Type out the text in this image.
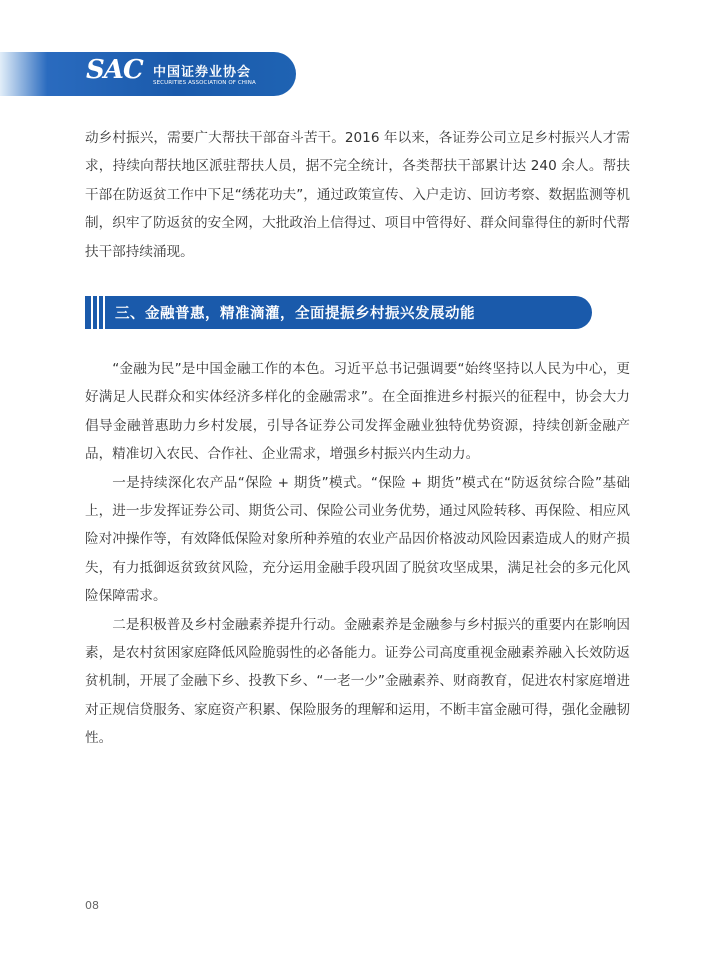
SAC 中国证券业协会
SECURITIES ASSOCIATION OF CHINA

动乡村振兴，需要广大帮扶干部奋斗苦干。2016 年以来，各证券公司立足乡村振兴人才需求，持续向帮扶地区派驻帮扶人员，据不完全统计，各类帮扶干部累计达 240 余人。帮扶干部在防返贫工作中下足“绣花功夫”，通过政策宣传、入户走访、回访考察、数据监测等机制，织牢了防返贫的安全网，大批政治上信得过、项目中管得好、群众间靠得住的新时代帮扶干部持续涌现。

三、金融普惠，精准滴灌，全面提振乡村振兴发展动能

“金融为民”是中国金融工作的本色。习近平总书记强调要“始终坚持以人民为中心，更好满足人民群众和实体经济多样化的金融需求”。在全面推进乡村振兴的征程中，协会大力倡导金融普惠助力乡村发展，引导各证券公司发挥金融业独特优势资源，持续创新金融产品，精准切入农民、合作社、企业需求，增强乡村振兴内生动力。

一是持续深化农产品“保险 + 期货”模式。“保险 + 期货”模式在“防返贫综合险”基础上，进一步发挥证券公司、期货公司、保险公司业务优势，通过风险转移、再保险、相应风险对冲操作等，有效降低保险对象所种养殖的农业产品因价格波动风险因素造成人的财产损失，有力抵御返贫致贫风险，充分运用金融手段巩固了脱贫攻坚成果，满足社会的多元化风险保障需求。

二是积极普及乡村金融素养提升行动。金融素养是金融参与乡村振兴的重要内在影响因素，是农村贫困家庭降低风险脆弱性的必备能力。证券公司高度重视金融素养融入长效防返贫机制，开展了金融下乡、投教下乡、“一老一少”金融素养、财商教育，促进农村家庭增进对正规信贷服务、家庭资产积累、保险服务的理解和运用，不断丰富金融可得，强化金融韧性。

08
